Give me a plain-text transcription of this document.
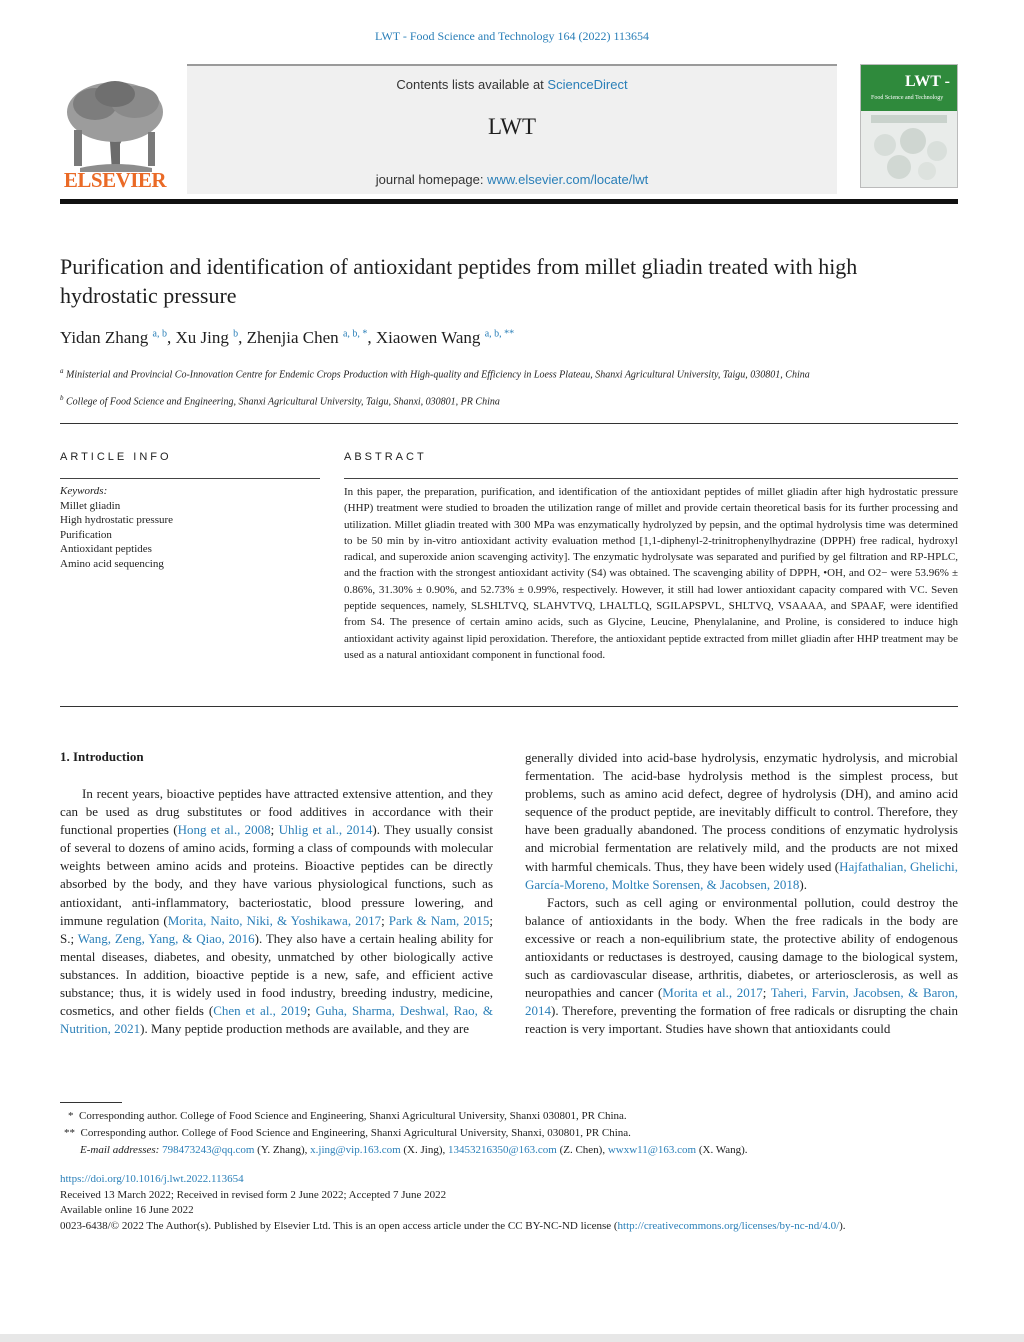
LWT - Food Science and Technology 164 (2022) 113654
ELSEVIER
Contents lists available at ScienceDirect
LWT
journal homepage: www.elsevier.com/locate/lwt
LWT -
Food Science and Technology
Purification and identification of antioxidant peptides from millet gliadin treated with high hydrostatic pressure
Yidan Zhang $^{a, b}$, Xu Jing $^b$, Zhenjia Chen $^{a, b, *}$, Xiaowen Wang $^{a, b, **}$
$^a$ Ministerial and Provincial Co-Innovation Centre for Endemic Crops Production with High-quality and Efficiency in Loess Plateau, Shanxi Agricultural University, Taigu, 030801, China
$^b$ College of Food Science and Engineering, Shanxi Agricultural University, Taigu, Shanxi, 030801, PR China
ARTICLE INFO	ABSTRACT
Keywords:
Millet gliadin
High hydrostatic pressure
Purification
Antioxidant peptides
Amino acid sequencing
In this paper, the preparation, purification, and identification of the antioxidant peptides of millet gliadin after high hydrostatic pressure (HHP) treatment were studied to broaden the utilization range of millet and provide certain theoretical basis for its further processing and utilization. Millet gliadin treated with 300 MPa was enzymatically hydrolyzed by pepsin, and the optimal hydrolysis time was determined to be 50 min by in-vitro antioxidant activity evaluation method [1,1-diphenyl-2-trinitrophenylhydrazine (DPPH) free radical, hydroxyl radical, and superoxide anion scavenging activity]. The enzymatic hydrolysate was separated and purified by gel filtration and RP-HPLC, and the fraction with the strongest antioxidant activity (S4) was obtained. The scavenging ability of DPPH, •OH, and O2− were 53.96% ± 0.86%, 31.30% ± 0.90%, and 52.73% ± 0.99%, respectively. However, it still had lower antioxidant capacity compared with VC. Seven peptide sequences, namely, SLSHLTVQ, SLAHVTVQ, LHALTLQ, SGILAPSPVL, SHLTVQ, VSAAAA, and SPAAF, were identified from S4. The presence of certain amino acids, such as Glycine, Leucine, Phenylalanine, and Proline, is considered to induce high antioxidant activity against lipid peroxidation. Therefore, the antioxidant peptide extracted from millet gliadin after HHP treatment may be used as a natural antioxidant component in functional food.
1. Introduction

In recent years, bioactive peptides have attracted extensive attention, and they can be used as drug substitutes or food additives in accordance with their functional properties (Hong et al., 2008; Uhlig et al., 2014). They usually consist of several to dozens of amino acids, forming a class of compounds with molecular weights between amino acids and proteins. Bioactive peptides can be directly absorbed by the body, and they have various physiological functions, such as antioxidant, anti-inflammatory, bacteriostatic, blood pressure lowering, and immune regulation (Morita, Naito, Niki, & Yoshikawa, 2017; Park & Nam, 2015; S.; Wang, Zeng, Yang, & Qiao, 2016). They also have a certain healing ability for mental diseases, diabetes, and obesity, unmatched by other biologically active substances. In addition, bioactive peptide is a new, safe, and efficient active substance; thus, it is widely used in food industry, breeding industry, medicine, cosmetics, and other fields (Chen et al., 2019; Guha, Sharma, Deshwal, Rao, & Nutrition, 2021). Many peptide production methods are available, and they are

generally divided into acid-base hydrolysis, enzymatic hydrolysis, and microbial fermentation. The acid-base hydrolysis method is the simplest process, but problems, such as amino acid defect, degree of hydrolysis (DH), and amino acid sequence of the product peptide, are inevitably difficult to control. Therefore, they have been gradually abandoned. The process conditions of enzymatic hydrolysis and microbial fermentation are relatively mild, and the products are not mixed with harmful chemicals. Thus, they have been widely used (Hajfathalian, Ghelichi, García-Moreno, Moltke Sorensen, & Jacobsen, 2018).

Factors, such as cell aging or environmental pollution, could destroy the balance of antioxidants in the body. When the free radicals in the body are excessive or reach a non-equilibrium state, the protective ability of endogenous antioxidants or reductases is destroyed, causing damage to the biological system, such as cardiovascular disease, arthritis, diabetes, or arteriosclerosis, as well as neuropathies and cancer (Morita et al., 2017; Taheri, Farvin, Jacobsen, & Baron, 2014). Therefore, preventing the formation of free radicals or disrupting the chain reaction is very important. Studies have shown that antioxidants could

* Corresponding author. College of Food Science and Engineering, Shanxi Agricultural University, Shanxi 030801, PR China.
** Corresponding author. College of Food Science and Engineering, Shanxi Agricultural University, Shanxi, 030801, PR China.
E-mail addresses: 798473243@qq.com (Y. Zhang), x.jing@vip.163.com (X. Jing), 13453216350@163.com (Z. Chen), wwxw11@163.com (X. Wang).
https://doi.org/10.1016/j.lwt.2022.113654
Received 13 March 2022; Received in revised form 2 June 2022; Accepted 7 June 2022
Available online 16 June 2022
0023-6438/© 2022 The Author(s). Published by Elsevier Ltd. This is an open access article under the CC BY-NC-ND license (http://creativecommons.org/licenses/by-nc-nd/4.0/).
